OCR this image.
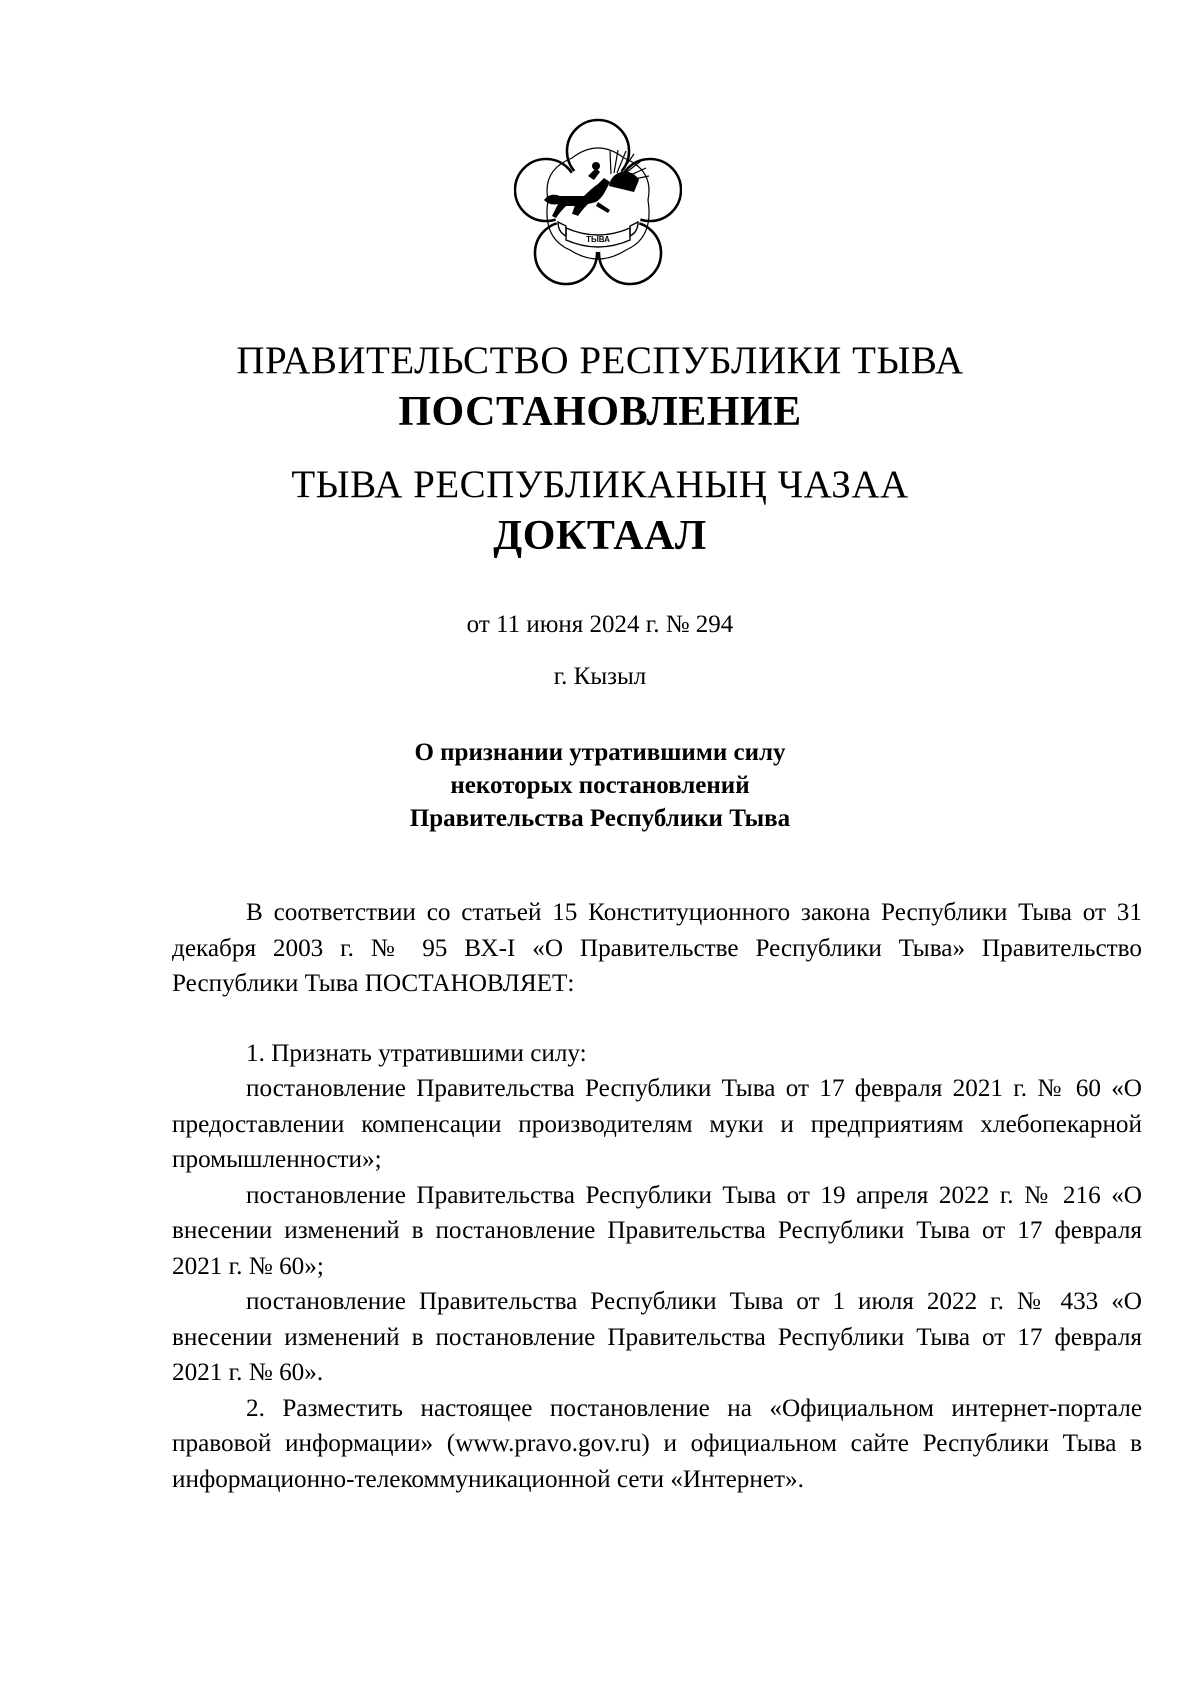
ТЫВА
ПРАВИТЕЛЬСТВО РЕСПУБЛИКИ ТЫВА
ПОСТАНОВЛЕНИЕ
ТЫВА РЕСПУБЛИКАНЫҢ ЧАЗАА
ДОКТААЛ
от 11 июня 2024 г. № 294
г. Кызыл
О признании утратившими силу
некоторых постановлений
Правительства Республики Тыва

В соответствии со статьей 15 Конституционного закона Республики Тыва от 31 декабря 2003 г. № 95 ВХ-I «О Правительстве Республики Тыва» Правительство Республики Тыва ПОСТАНОВЛЯЕТ:

1. Признать утратившими силу:

постановление Правительства Республики Тыва от 17 февраля 2021 г. № 60 «О предоставлении компенсации производителям муки и предприятиям хлебопекарной промышленности»;

постановление Правительства Республики Тыва от 19 апреля 2022 г. № 216 «О внесении изменений в постановление Правительства Республики Тыва от 17 февраля 2021 г. № 60»;

постановление Правительства Республики Тыва от 1 июля 2022 г. № 433 «О внесении изменений в постановление Правительства Республики Тыва от 17 февраля 2021 г. № 60».

2. Разместить настоящее постановление на «Официальном интернет-портале правовой информации» (www.pravo.gov.ru) и официальном сайте Республики Тыва в информационно-телекоммуникационной сети «Интернет».
